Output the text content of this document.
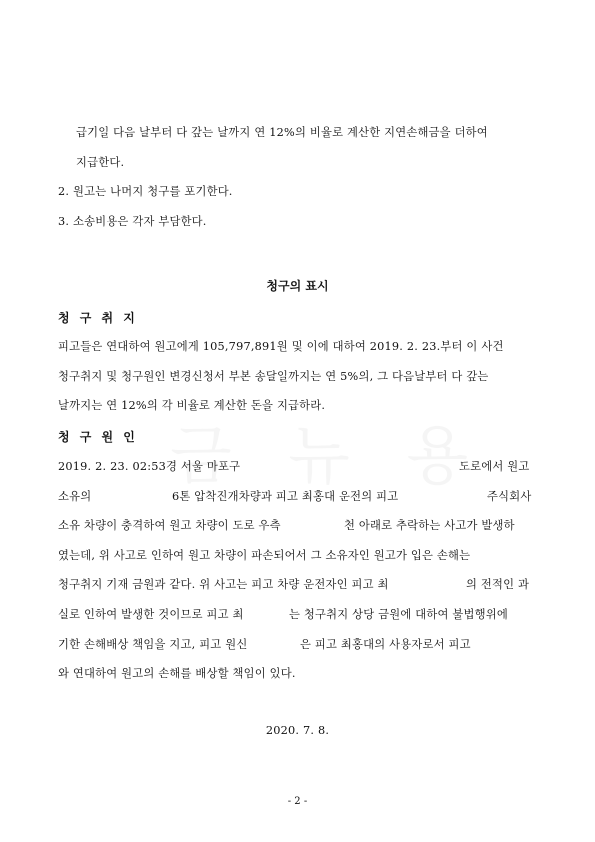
급기일 다음 날부터 다 갚는 날까지 연 12%의 비율로 계산한 지연손해금을 더하여
지급한다.
2. 원고는 나머지 청구를 포기한다.
3. 소송비용은 각자 부담한다.
청구의 표시
청 구 취 지
피고들은 연대하여 원고에게 105,797,891원 및 이에 대하여 2019. 2. 23.부터 이 사건
청구취지 및 청구원인 변경신청서 부본 송달일까지는 연 5%의, 그 다음날부터 다 갚는
날까지는 연 12%의 각 비율로 계산한 돈을 지급하라.
청 구 원 인
2019. 2. 23. 02:53경 서울 마포구	도로에서 원고
소유의	6톤 압착진개차량과 피고 최홍대 운전의 피고	주식회사
소유 차량이 충격하여 원고 차량이 도로 우측	천 아래로 추락하는 사고가 발생하
였는데, 위 사고로 인하여 원고 차량이 파손되어서 그 소유자인 원고가 입은 손해는
청구취지 기재 금원과 같다. 위 사고는 피고 차량 운전자인 피고 최	의 전적인 과
실로 인하여 발생한 것이므로 피고 최	는 청구취지 상당 금원에 대하여 불법행위에
기한 손해배상 책임을 지고, 피고 원신	은 피고 최홍대의 사용자로서 피고
와 연대하여 원고의 손해를 배상할 책임이 있다.
2020. 7. 8.
- 2 -
